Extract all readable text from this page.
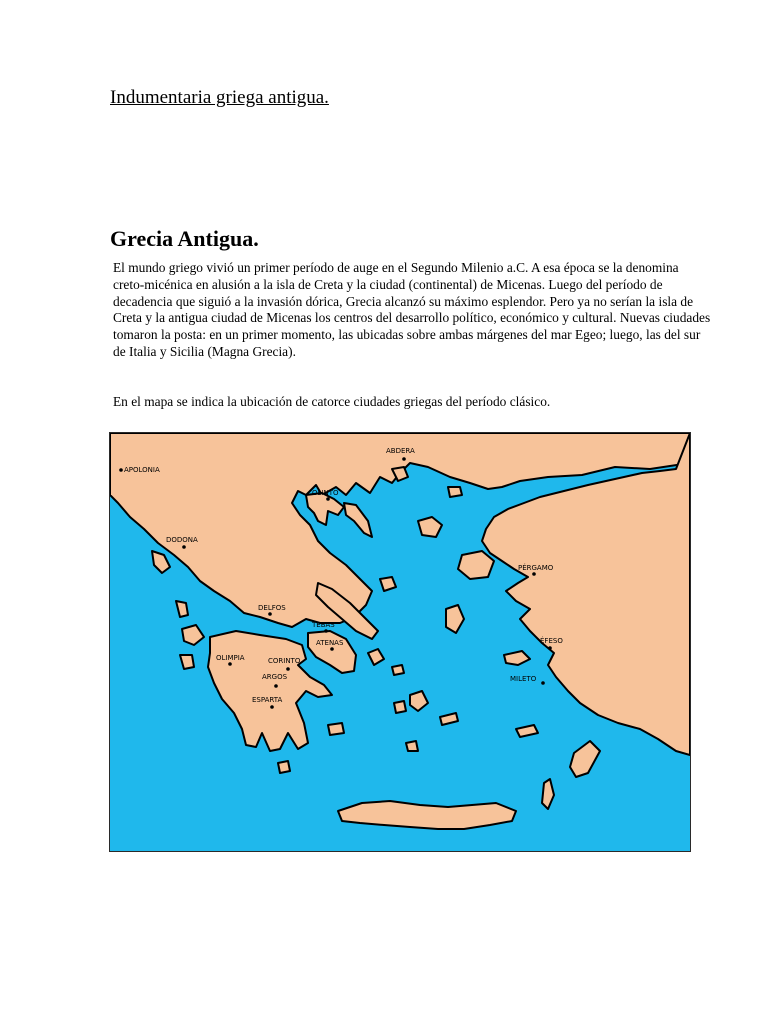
Indumentaria griega antigua.
Grecia Antigua.

El mundo griego vivió un primer período de auge en el Segundo Milenio a.C. A esa época se la denomina creto-micénica en alusión a la isla de Creta y la ciudad (continental) de Micenas. Luego del período de decadencia que siguió a la invasión dórica, Grecia alcanzó su máximo esplendor. Pero ya no serían la isla de Creta y la antigua ciudad de Micenas los centros del desarrollo político, económico y cultural. Nuevas ciudades tomaron la posta: en un primer momento, las ubicadas sobre ambas márgenes del mar Egeo; luego, las del sur de Italia y Sicilia (Magna Grecia).

En el mapa se indica la ubicación de catorce ciudades griegas del período clásico.

APOLONIA
ABDERA
OLINTO
DODONA
PÉRGAMO
DELFOS
TEBAS
ATENAS	ÉFESO
OLIMPIA	CORINTO
ARGOS	MILETO
ESPARTA
